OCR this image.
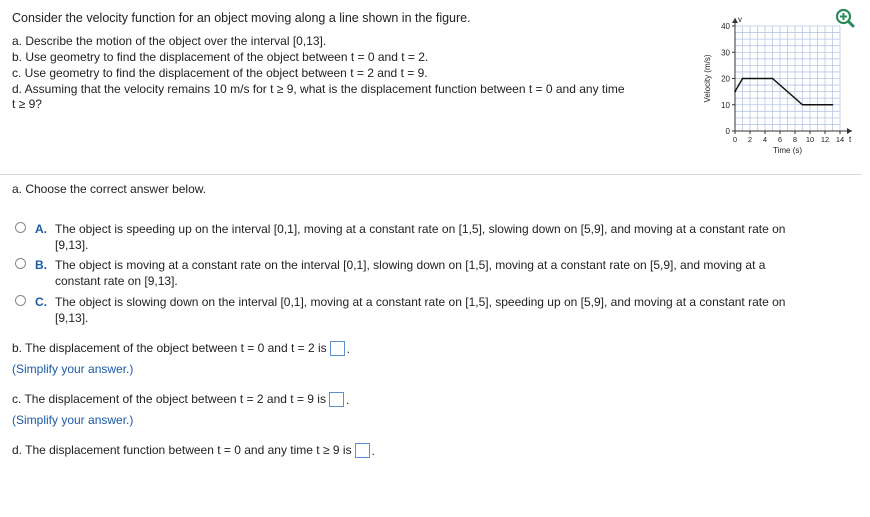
Consider the velocity function for an object moving along a line shown in the figure.
a. Describe the motion of the object over the interval [0,13].
b. Use geometry to find the displacement of the object between t = 0 and t = 2.
c. Use geometry to find the displacement of the object between t = 2 and t = 9.
d. Assuming that the velocity remains 10 m/s for t ≥ 9, what is the displacement function between t = 0 and any time
t ≥ 9?
0
10
20
30
40
0 2 4 6 8 10 12 14 t
v
Time (s)
Velocity (m/s)
a. Choose the correct answer below.
A. The object is speeding up on the interval [0,1], moving at a constant rate on [1,5], slowing down on [5,9], and moving at a constant rate on
[9,13].
B. The object is moving at a constant rate on the interval [0,1], slowing down on [1,5], moving at a constant rate on [5,9], and moving at a
constant rate on [9,13].
C. The object is slowing down on the interval [0,1], moving at a constant rate on [1,5], speeding up on [5,9], and moving at a constant rate on
[9,13].
b. The displacement of the object between t = 0 and t = 2 is .
(Simplify your answer.)
c. The displacement of the object between t = 2 and t = 9 is .
(Simplify your answer.)
d. The displacement function between t = 0 and any time t ≥ 9 is .
